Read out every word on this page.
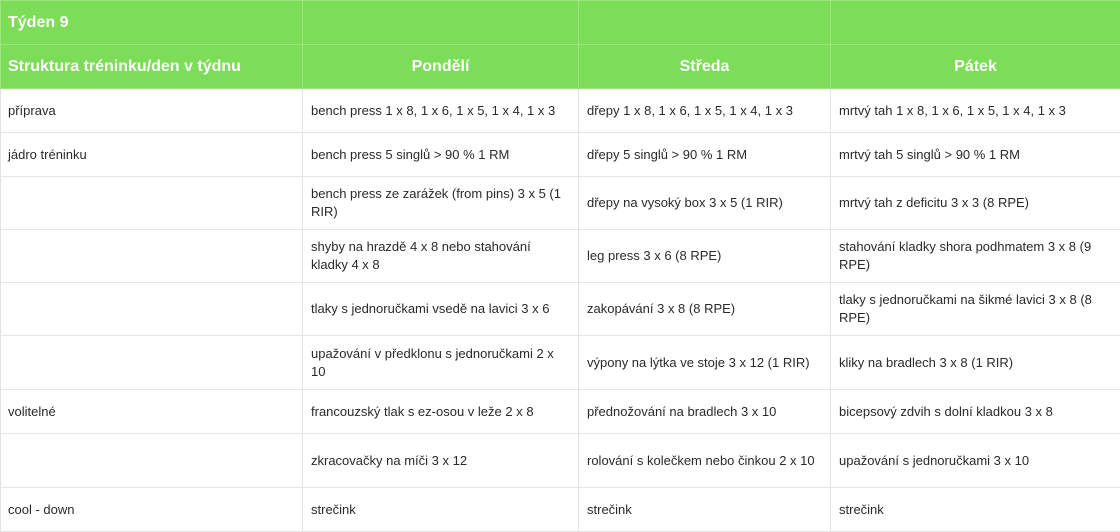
Týden 9			
Struktura tréninku/den v týdnu	Pondělí	Středa	Pátek
příprava	bench press 1 x 8, 1 x 6, 1 x 5, 1 x 4, 1 x 3	dřepy 1 x 8, 1 x 6, 1 x 5, 1 x 4, 1 x 3	mrtvý tah 1 x 8, 1 x 6, 1 x 5, 1 x 4, 1 x 3
jádro tréninku	bench press 5 singlů > 90 % 1 RM	dřepy 5 singlů > 90 % 1 RM	mrtvý tah 5 singlů > 90 % 1 RM
	bench press ze zarážek (from pins) 3 x 5 (1 RIR)	dřepy na vysoký box 3 x 5 (1 RIR)	mrtvý tah z deficitu 3 x 3 (8 RPE)
	shyby na hrazdě 4 x 8 nebo stahování kladky 4 x 8	leg press 3 x 6 (8 RPE)	stahování kladky shora podhmatem 3 x 8 (9 RPE)
	tlaky s jednoručkami vsedě na lavici 3 x 6	zakopávání 3 x 8 (8 RPE)	tlaky s jednoručkami na šikmé lavici 3 x 8 (8 RPE)
	upažování v předklonu s jednoručkami 2 x 10	výpony na lýtka ve stoje 3 x 12 (1 RIR)	kliky na bradlech 3 x 8 (1 RIR)
volitelné	francouzský tlak s ez-osou v leže 2 x 8	přednožování na bradlech 3 x 10	bicepsový zdvih s dolní kladkou 3 x 8
	zkracovačky na míči 3 x 12	rolování s kolečkem nebo činkou 2 x 10	upažování s jednoručkami 3 x 10
cool - down	strečink	strečink	strečink
